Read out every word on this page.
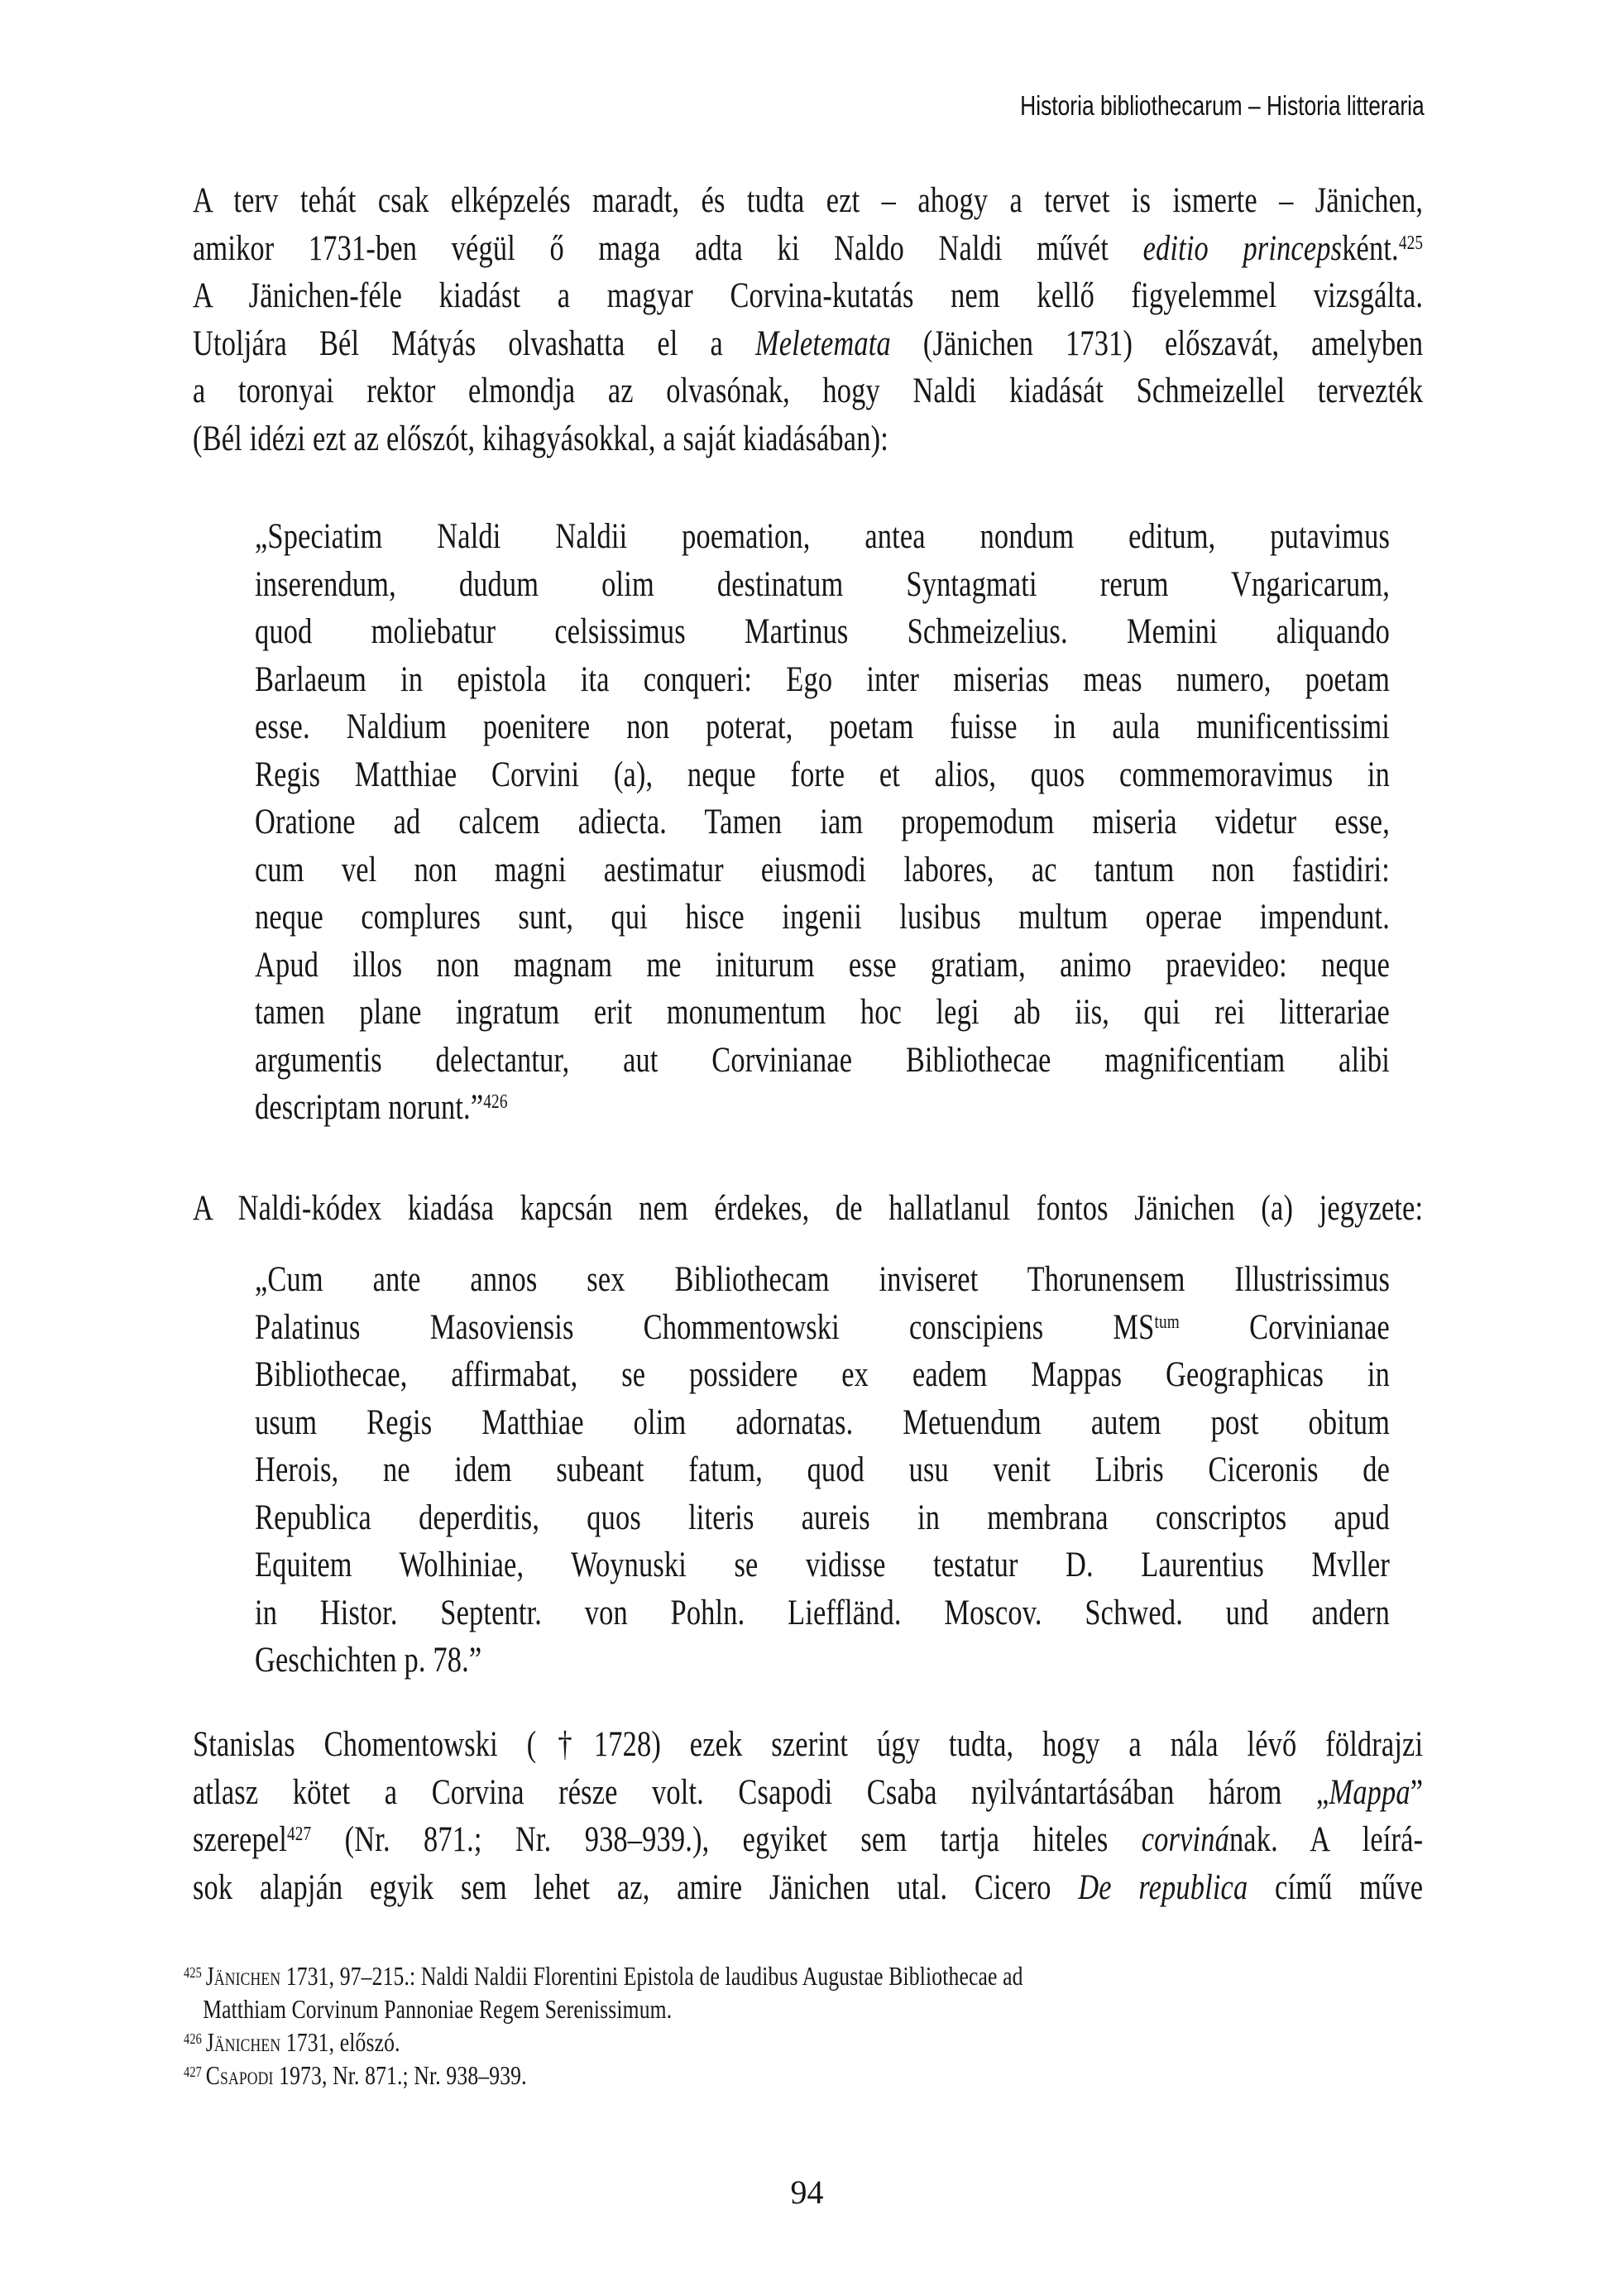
Historia bibliothecarum – Historia litteraria
A terv tehát csak elképzelés maradt, és tudta ezt – ahogy a tervet is ismerte – Jänichen,
amikor 1731-ben végül ő maga adta ki Naldo Naldi művét editio princepsként.$^{425}$
A Jänichen-féle kiadást a magyar Corvina-kutatás nem kellő figyelemmel vizsgálta.
Utoljára Bél Mátyás olvashatta el a Meletemata (Jänichen 1731) előszavát, amelyben
a toronyai rektor elmondja az olvasónak, hogy Naldi kiadását Schmeizellel tervezték
(Bél idézi ezt az előszót, kihagyásokkal, a saját kiadásában):
„Speciatim Naldi Naldii poemation, antea nondum editum, putavimus
inserendum, dudum olim destinatum Syntagmati rerum Vngaricarum,
quod moliebatur celsissimus Martinus Schmeizelius. Memini aliquando
Barlaeum in epistola ita conqueri: Ego inter miserias meas numero, poetam
esse. Naldium poenitere non poterat, poetam fuisse in aula munificentissimi
Regis Matthiae Corvini (a), neque forte et alios, quos commemoravimus in
Oratione ad calcem adiecta. Tamen iam propemodum miseria videtur esse,
cum vel non magni aestimatur eiusmodi labores, ac tantum non fastidiri:
neque complures sunt, qui hisce ingenii lusibus multum operae impendunt.
Apud illos non magnam me initurum esse gratiam, animo praevideo: neque
tamen plane ingratum erit monumentum hoc legi ab iis, qui rei litterariae
argumentis delectantur, aut Corvinianae Bibliothecae magnificentiam alibi
descriptam norunt.”$^{426}$
A Naldi-kódex kiadása kapcsán nem érdekes, de hallatlanul fontos Jänichen (a) jegyzete:
„Cum ante annos sex Bibliothecam inviseret Thorunensem Illustrissimus
Palatinus Masoviensis Chommentowski conscipiens $MS^{tum}$ Corvinianae
Bibliothecae, affirmabat, se possidere ex eadem Mappas Geographicas in
usum Regis Matthiae olim adornatas. Metuendum autem post obitum
Herois, ne idem subeant fatum, quod usu venit Libris Ciceronis de
Republica deperditis, quos literis aureis in membrana conscriptos apud
Equitem Wolhiniae, Woynuski se vidisse testatur D. Laurentius Mvller
in Histor. Septentr. von Pohln. Lieffländ. Moscov. Schwed. und andern
Geschichten p. 78.”
Stanislas Chomentowski (†1728) ezek szerint úgy tudta, hogy a nála lévő földrajzi
atlasz kötet a Corvina része volt. Csapodi Csaba nyilvántartásában három „Mappa”
szerepel$^{427}$ (Nr. 871.; Nr. 938–939.), egyiket sem tartja hiteles corvinának. A leírá-
sok alapján egyik sem lehet az, amire Jänichen utal. Cicero De republica című műve
$^{425}$ Jänichen 1731, 97–215.: Naldi Naldii Florentini Epistola de laudibus Augustae Bibliothecae ad
Matthiam Corvinum Pannoniae Regem Serenissimum.
$^{426}$ Jänichen 1731, előszó.
$^{427}$ Csapodi 1973, Nr. 871.; Nr. 938–939.
94
